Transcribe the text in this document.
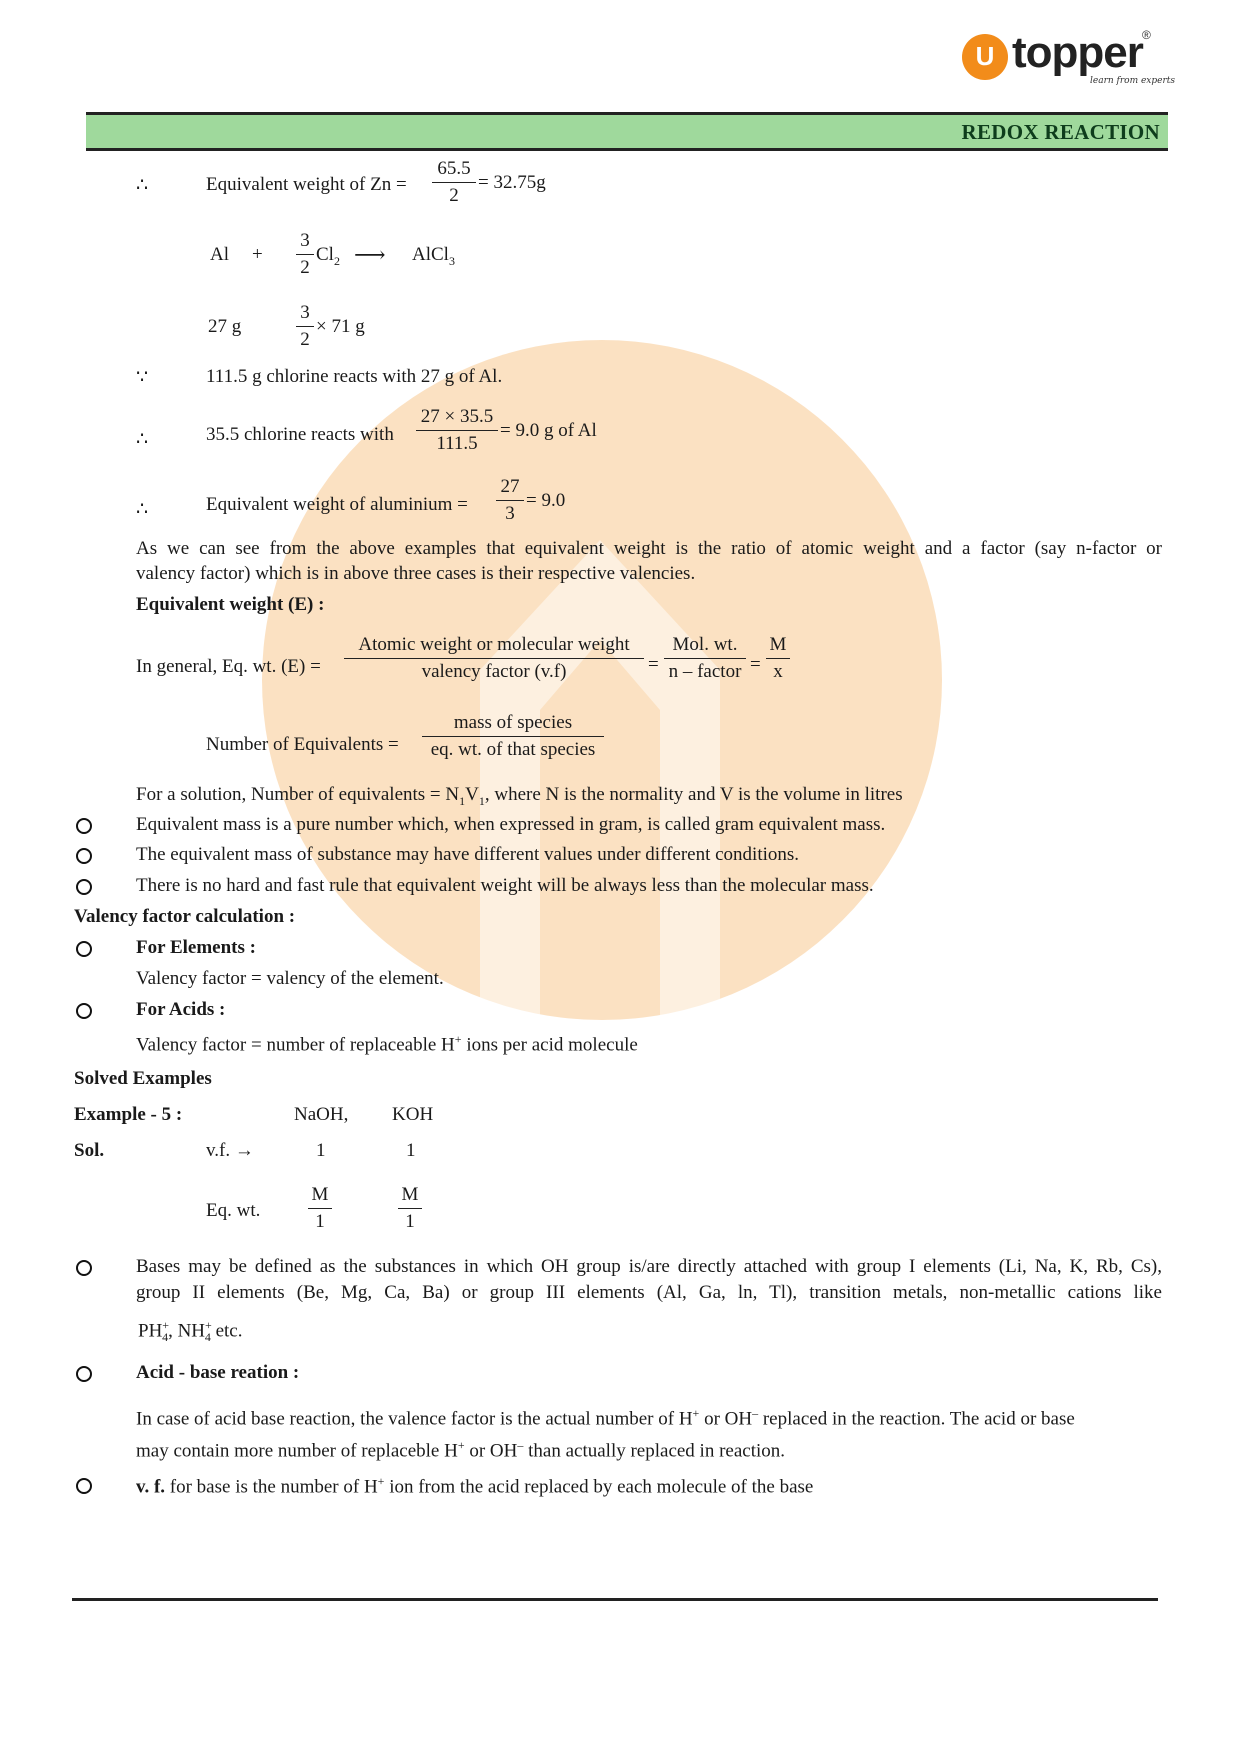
U topper ®
learn from experts
REDOX REACTION
∴	Equivalent weight of $Zn = \frac{65.5}{2} = 32.75g$
$Al + \frac{3}{2} Cl_2$ ⟶ AlCl$_3$
27 g	$\frac{3}{2} \times 71$ g
∵	111.5 g chlorine reacts with 27 g of Al.
∴	35.5 chlorine reacts with $\frac{27 \times 35.5}{111.5} = 9.0$ g of Al
∴	Equivalent weight of aluminium = $\frac{27}{3} = 9.0$
As we can see from the above examples that equivalent weight is the ratio of atomic weight and a factor (say n-factor or
valency factor) which is in above three cases is their respective valencies.
Equivalent weight (E) :
In general, Eq. wt. (E) =
Atomic weight or molecular weight
valency factor (v.f)	=
Mol. wt.
n – factor = $\frac{M}{x}$
Number of Equivalents =
mass of species
eq. wt. of that species
For a solution, Number of equivalents = $N_1V_1$, where N is the normality and V is the volume in litres
Equivalent mass is a pure number which, when expressed in gram, is called gram equivalent mass.
The equivalent mass of substance may have different values under different conditions.
There is no hard and fast rule that equivalent weight will be always less than the molecular mass.
Valency factor calculation :
For Elements :
Valency factor = valency of the element.
For Acids :
Valency factor = number of replaceable H+ ions per acid molecule
Solved Examples
Example - 5 :	NaOH, KOH
Sol.	v.f. →	1	1
Eq. wt.	$\frac{M}{1}$	$\frac{M}{1}$
Bases may be defined as the substances in which OH group is/are directly attached with group I elements (Li, Na, K, Rb, Cs),
group II elements (Be, Mg, Ca, Ba) or group III elements (Al, Ga, ln, Tl), transition metals, non-metallic cations like
$PH^+_4$, $NH^+_4$ etc.
Acid - base reation :
In case of acid base reaction, the valence factor is the actual number of H+ or OH– replaced in the reaction. The acid or base
may contain more number of replaceble H+ or OH– than actually replaced in reaction.
v. f. for base is the number of H+ ion from the acid replaced by each molecule of the base
